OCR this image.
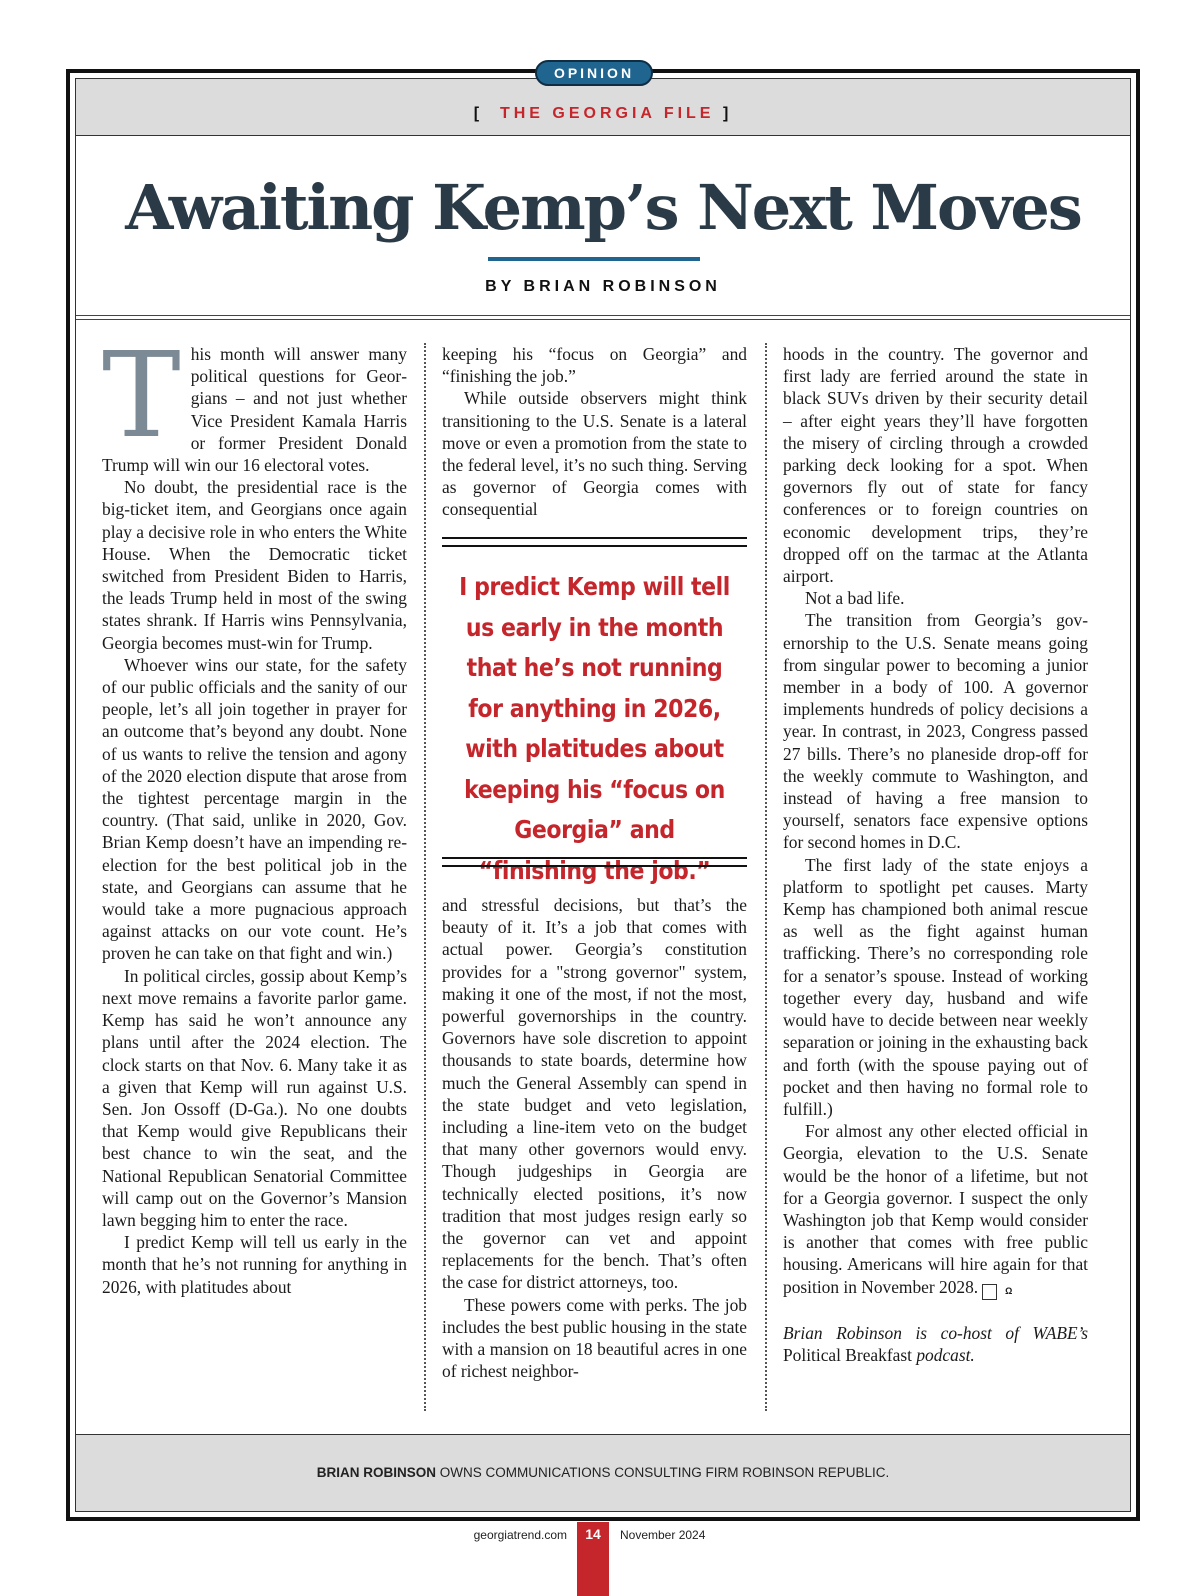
[ THE GEORGIA FILE ]
Awaiting Kemp’s Next Moves
BY BRIAN ROBINSON

This month will answer many political questions for Georgians – and not just whether Vice President Kamala Harris or former President Donald Trump will win our 16 electoral votes.

No doubt, the presidential race is the big-ticket item, and Georgians once again play a decisive role in who enters the White House. When the Democratic ticket switched from President Biden to Harris, the leads Trump held in most of the swing states shrank. If Harris wins Pennsylvania, Georgia becomes must-win for Trump.

Whoever wins our state, for the safety of our public officials and the sanity of our people, let’s all join together in prayer for an outcome that’s beyond any doubt. None of us wants to relive the tension and agony of the 2020 election dispute that arose from the tightest percentage margin in the country. (That said, unlike in 2020, Gov. Brian Kemp doesn’t have an impending re-election for the best political job in the state, and Georgians can assume that he would take a more pugnacious approach against attacks on our vote count. He’s proven he can take on that fight and win.)

In political circles, gossip about Kemp’s next move remains a favorite parlor game. Kemp has said he won’t announce any plans until after the 2024 election. The clock starts on that Nov. 6. Many take it as a given that Kemp will run against U.S. Sen. Jon Ossoff (D-Ga.). No one doubts that Kemp would give Republicans their best chance to win the seat, and the National Republican Senatorial Committee will camp out on the Governor’s Mansion lawn begging him to enter the race.

I predict Kemp will tell us early in the month that he’s not running for anything in 2026, with platitudes about

keeping his “focus on Georgia” and “finishing the job.”

While outside observers might think transitioning to the U.S. Senate is a lateral move or even a promotion from the state to the federal level, it’s no such thing. Serving as governor of Georgia comes with consequential

I predict Kemp will tell us early in the month that he’s not running for anything in 2026, with platitudes about keeping his “focus on Georgia” and “finishing the job.”

and stressful decisions, but that’s the beauty of it. It’s a job that comes with actual power. Georgia’s constitution provides for a "strong governor" system, making it one of the most, if not the most, powerful governorships in the country. Governors have sole discretion to appoint thousands to state boards, determine how much the General Assembly can spend in the state budget and veto legislation, including a line-item veto on the budget that many other governors would envy. Though judgeships in Georgia are technically elected positions, it’s now tradition that most judges resign early so the governor can vet and appoint replacements for the bench. That’s often the case for district attorneys, too.

These powers come with perks. The job includes the best public housing in the state with a mansion on 18 beautiful acres in one of richest neighbor-

hoods in the country. The governor and first lady are ferried around the state in black SUVs driven by their security detail – after eight years they’ll have forgotten the misery of circling through a crowded parking deck looking for a spot. When governors fly out of state for fancy conferences or to foreign countries on economic development trips, they’re dropped off on the tarmac at the Atlanta airport.

Not a bad life.

The transition from Georgia’s governorship to the U.S. Senate means going from singular power to becoming a junior member in a body of 100. A governor implements hundreds of policy decisions a year. In contrast, in 2023, Congress passed 27 bills. There’s no planeside drop-off for the weekly commute to Washington, and instead of having a free mansion to yourself, senators face expensive options for second homes in D.C.

The first lady of the state enjoys a platform to spotlight pet causes. Marty Kemp has championed both animal rescue as well as the fight against human trafficking. There’s no corresponding role for a senator’s spouse. Instead of working together every day, husband and wife would have to decide between near weekly separation or joining in the exhausting back and forth (with the spouse paying out of pocket and then having no formal role to fulfill.)

For almost any other elected official in Georgia, elevation to the U.S. Senate would be the honor of a lifetime, but not for a Georgia governor. I suspect the only Washington job that Kemp would consider is another that comes with free public housing. Americans will hire again for that position in November 2028.	Ω

Brian Robinson is co-host of WABE’s Political Breakfast podcast.

BRIAN ROBINSON OWNS COMMUNICATIONS CONSULTING FIRM ROBINSON REPUBLIC.
OPINION
georgiatrend.com	14	November 2024
